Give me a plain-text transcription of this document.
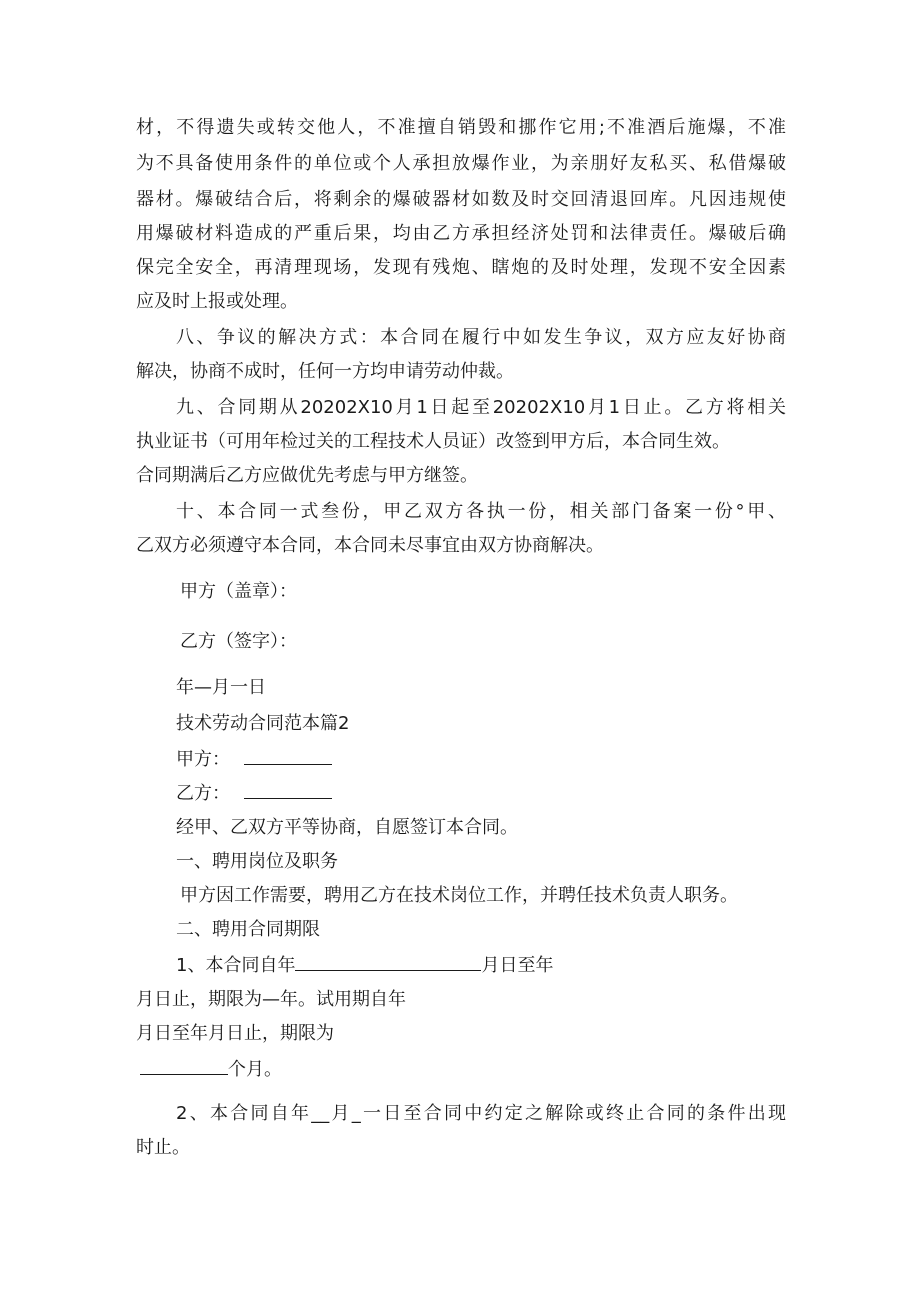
材，不得遗失或转交他人，不准擅自销毁和挪作它用;不准酒后施爆，不准
为不具备使用条件的单位或个人承担放爆作业，为亲朋好友私买、私借爆破
器材。爆破结合后，将剩余的爆破器材如数及时交回清退回库。凡因违规使
用爆破材料造成的严重后果，均由乙方承担经济处罚和法律责任。爆破后确
保完全安全，再清理现场，发现有残炮、瞎炮的及时处理，发现不安全因素
应及时上报或处理。
八、争议的解决方式：本合同在履行中如发生争议，双方应友好协商
解决，协商不成时，任何一方均申请劳动仲裁。
九、合同期从20202X10月1日起至20202X10月1日止。乙方将相关
执业证书（可用年检过关的工程技术人员证）改签到甲方后，本合同生效。
合同期满后乙方应做优先考虑与甲方继签。
十、本合同一式叁份，甲乙双方各执一份，相关部门备案一份°甲、
乙双方必须遵守本合同，本合同未尽事宜由双方协商解决。
甲方（盖章）：
乙方（签字）：
年—月一日
技术劳动合同范本篇2
甲方：
乙方：
经甲、乙双方平等协商，自愿签订本合同。
一、聘用岗位及职务
甲方因工作需要，聘用乙方在技术岗位工作，并聘任技术负责人职务。
二、聘用合同期限
1、本合同自年	月日至年
月日止，期限为—年。试用期自年
月日至年月日止，期限为
个月。
2、本合同自年__月_一日至合同中约定之解除或终止合同的条件出现
时止。
